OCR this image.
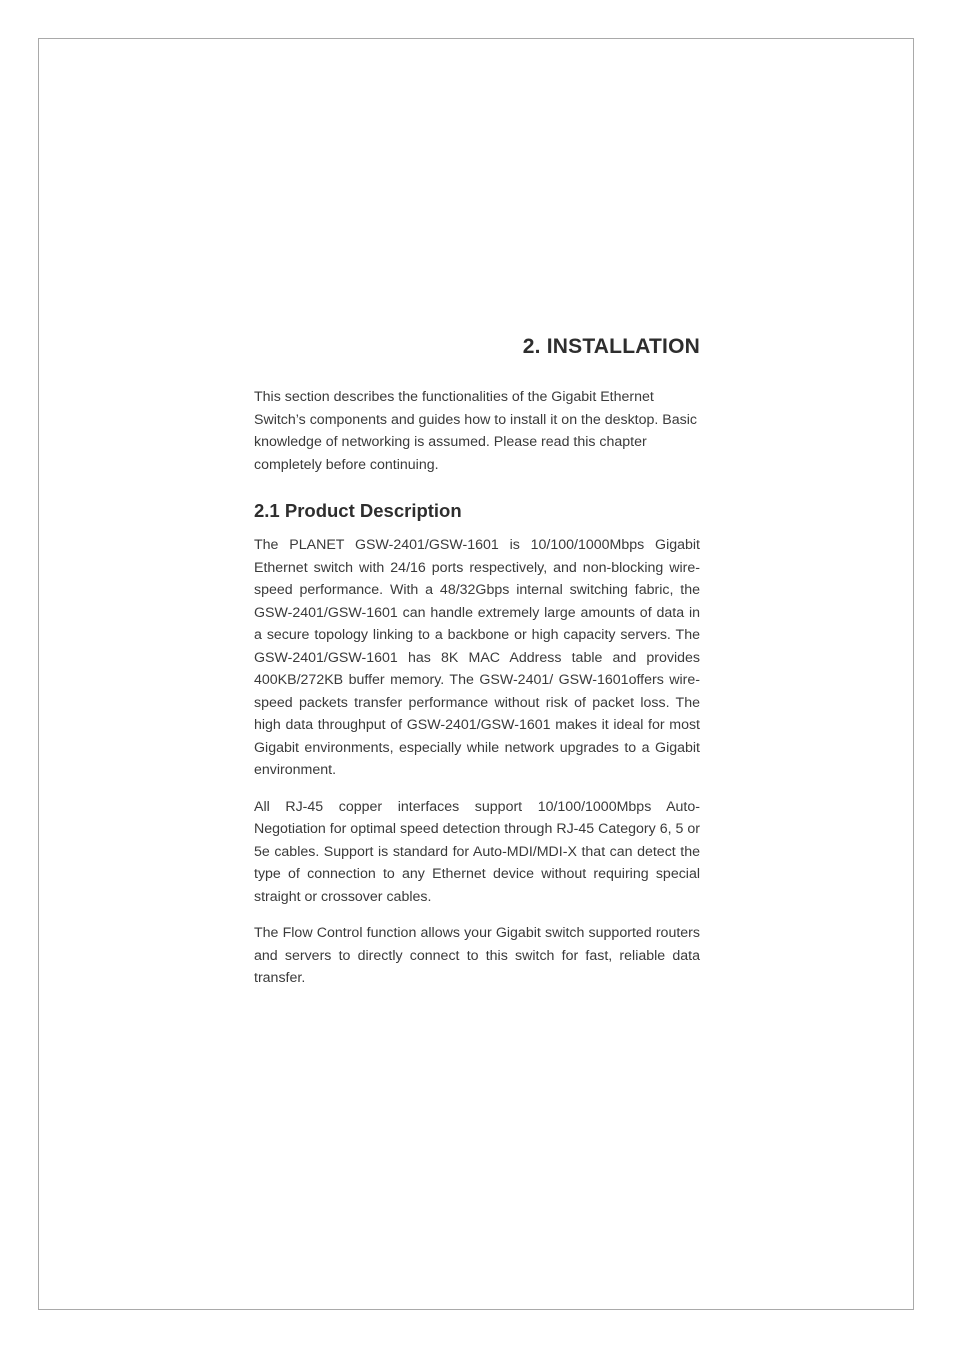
2. INSTALLATION

This section describes the functionalities of the Gigabit Ethernet Switch’s components and guides how to install it on the desktop. Basic knowledge of networking is assumed. Please read this chapter completely before continuing.

2.1 Product Description

The PLANET GSW-2401/GSW-1601 is 10/100/1000Mbps Gigabit Ethernet switch with 24/16 ports respectively, and non-blocking wire-speed performance. With a 48/32Gbps internal switching fabric, the GSW-2401/GSW-1601 can handle extremely large amounts of data in a secure topology linking to a backbone or high capacity servers. The GSW-2401/GSW-1601 has 8K MAC Address table and provides 400KB/272KB buffer memory. The GSW-2401/ GSW-1601offers wire-speed packets transfer performance without risk of packet loss. The high data throughput of GSW-2401/GSW-1601 makes it ideal for most Gigabit environments, especially while network upgrades to a Gigabit environment.

All RJ-45 copper interfaces support 10/100/1000Mbps Auto-Negotiation for optimal speed detection through RJ-45 Category 6, 5 or 5e cables. Support is standard for Auto-MDI/MDI-X that can detect the type of connection to any Ethernet device without requiring special straight or crossover cables.

The Flow Control function allows your Gigabit switch supported routers and servers to directly connect to this switch for fast, reliable data transfer.
